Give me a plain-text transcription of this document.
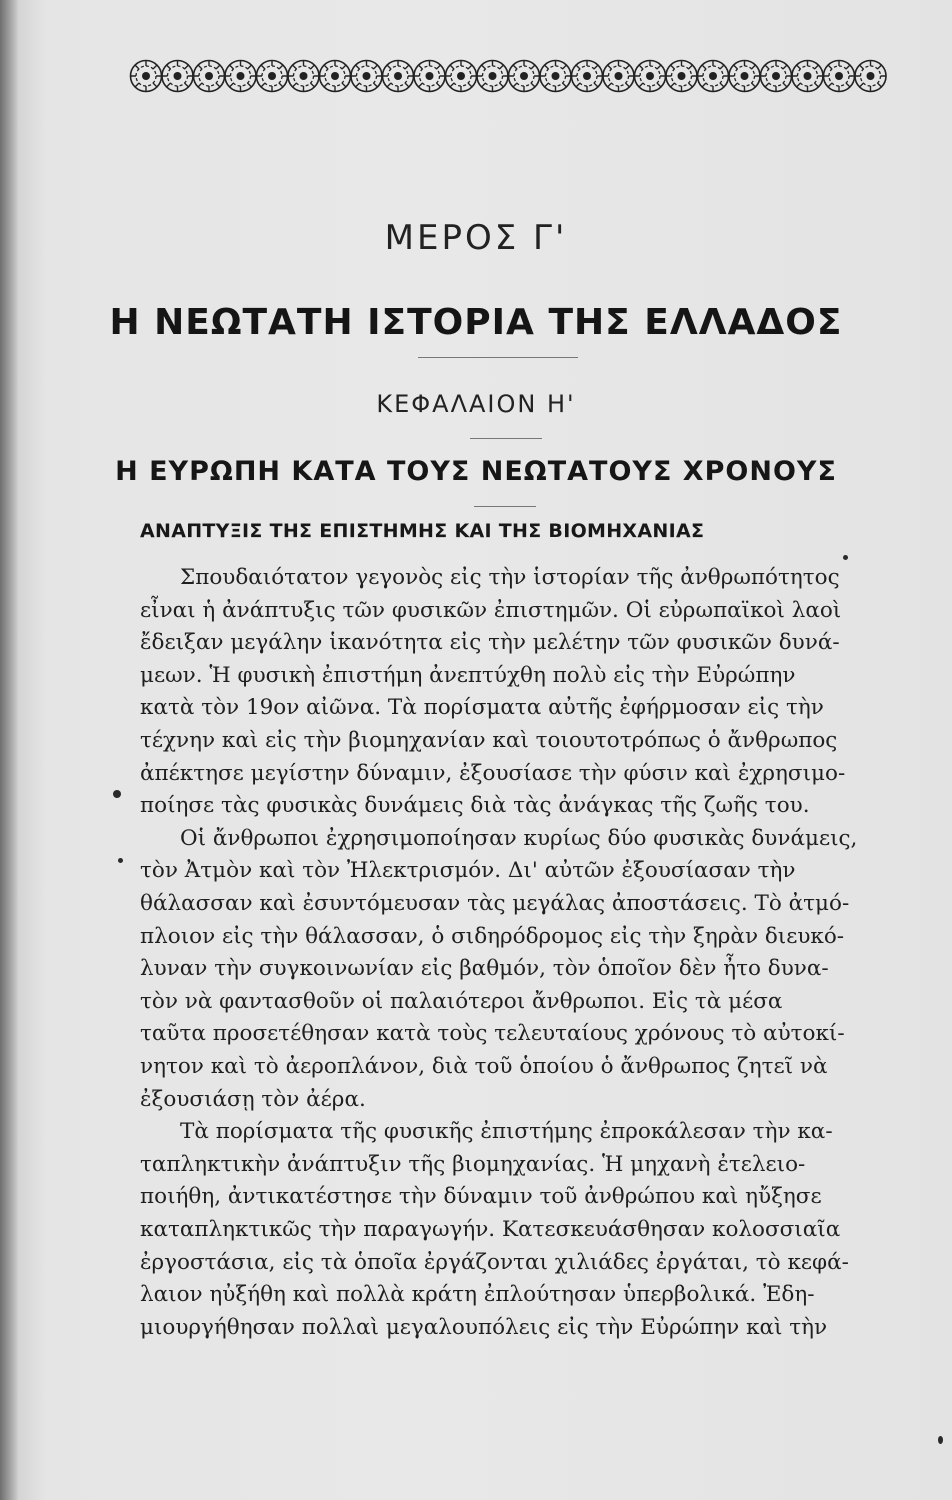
ΜΕΡΟΣ Γ'
Η ΝΕΩΤΑΤΗ ΙΣΤΟΡΙΑ ΤΗΣ ΕΛΛΑΔΟΣ
ΚΕΦΑΛΑΙΟΝ Η'
Η ΕΥΡΩΠΗ ΚΑΤΑ ΤΟΥΣ ΝΕΩΤΑΤΟΥΣ ΧΡΟΝΟΥΣ
ΑΝΑΠΤΥΞΙΣ ΤΗΣ ΕΠΙΣΤΗΜΗΣ ΚΑΙ ΤΗΣ ΒΙΟΜΗΧΑΝΙΑΣ
Σπουδαιότατον γεγονὸς εἰς τὴν ἱστορίαν τῆς ἀνθρωπότητος
εἶναι ἡ ἀνάπτυξις τῶν φυσικῶν ἐπιστημῶν. Οἱ εὐρωπαϊκοὶ λαοὶ
ἔδειξαν μεγάλην ἱκανότητα εἰς τὴν μελέτην τῶν φυσικῶν δυνά-
μεων. Ἡ φυσικὴ ἐπιστήμη ἀνεπτύχθη πολὺ εἰς τὴν Εὐρώπην
κατὰ τὸν 19ον αἰῶνα. Τὰ πορίσματα αὐτῆς ἐφήρμοσαν εἰς τὴν
τέχνην καὶ εἰς τὴν βιομηχανίαν καὶ τοιουτοτρόπως ὁ ἄνθρωπος
ἀπέκτησε μεγίστην δύναμιν, ἐξουσίασε τὴν φύσιν καὶ ἐχρησιμο-
ποίησε τὰς φυσικὰς δυνάμεις διὰ τὰς ἀνάγκας τῆς ζωῆς του.
Οἱ ἄνθρωποι ἐχρησιμοποίησαν κυρίως δύο φυσικὰς δυνάμεις,
τὸν Ἀτμὸν καὶ τὸν Ἠλεκτρισμόν. Δι' αὐτῶν ἐξουσίασαν τὴν
θάλασσαν καὶ ἐσυντόμευσαν τὰς μεγάλας ἀποστάσεις. Τὸ ἀτμό-
πλοιον εἰς τὴν θάλασσαν, ὁ σιδηρόδρομος εἰς τὴν ξηρὰν διευκό-
λυναν τὴν συγκοινωνίαν εἰς βαθμόν, τὸν ὁποῖον δὲν ἦτο δυνα-
τὸν νὰ φαντασθοῦν οἱ παλαιότεροι ἄνθρωποι. Εἰς τὰ μέσα
ταῦτα προσετέθησαν κατὰ τοὺς τελευταίους χρόνους τὸ αὐτοκί-
νητον καὶ τὸ ἀεροπλάνον, διὰ τοῦ ὁποίου ὁ ἄνθρωπος ζητεῖ νὰ
ἐξουσιάσῃ τὸν ἀέρα.
Τὰ πορίσματα τῆς φυσικῆς ἐπιστήμης ἐπροκάλεσαν τὴν κα-
ταπληκτικὴν ἀνάπτυξιν τῆς βιομηχανίας. Ἡ μηχανὴ ἐτελειο-
ποιήθη, ἀντικατέστησε τὴν δύναμιν τοῦ ἀνθρώπου καὶ ηὔξησε
καταπληκτικῶς τὴν παραγωγήν. Κατεσκευάσθησαν κολοσσιαῖα
ἐργοστάσια, εἰς τὰ ὁποῖα ἐργάζονται χιλιάδες ἐργάται, τὸ κεφά-
λαιον ηὐξήθη καὶ πολλὰ κράτη ἐπλούτησαν ὑπερβολικά. Ἐδη-
μιουργήθησαν πολλαὶ μεγαλουπόλεις εἰς τὴν Εὐρώπην καὶ τὴν
